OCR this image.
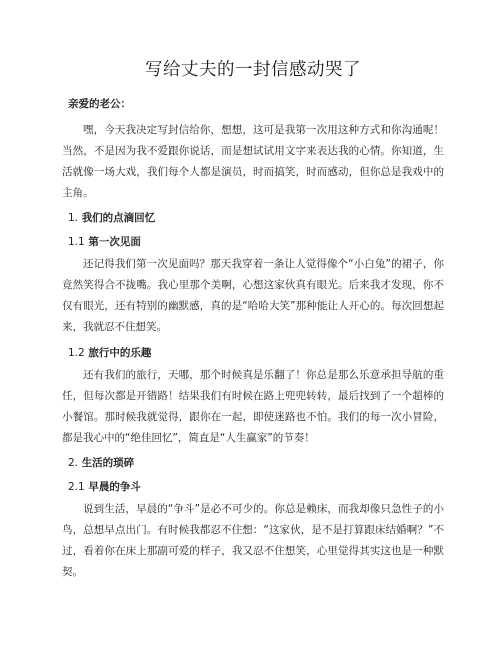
写给丈夫的一封信感动哭了
亲爱的老公：

嘿，今天我决定写封信给你，想想，这可是我第一次用这种方式和你沟通呢！当然，不是因为我不爱跟你说话，而是想试试用文字来表达我的心情。你知道，生活就像一场大戏，我们每个人都是演员，时而搞笑，时而感动，但你总是我戏中的主角。

1. 我们的点滴回忆
1.1 第一次见面

还记得我们第一次见面吗？那天我穿着一条让人觉得像个“小白兔”的裙子，你竟然笑得合不拢嘴。我心里那个美啊，心想这家伙真有眼光。后来我才发现，你不仅有眼光，还有特别的幽默感，真的是“哈哈大笑”那种能让人开心的。每次回想起来，我就忍不住想笑。

1.2 旅行中的乐趣

还有我们的旅行，天哪，那个时候真是乐翻了！你总是那么乐意承担导航的重任，但每次都是开错路！结果我们有时候在路上兜兜转转，最后找到了一个超棒的小餐馆。那时候我就觉得，跟你在一起，即使迷路也不怕。我们的每一次小冒险，都是我心中的“绝佳回忆”，简直是“人生赢家”的节奏！

2. 生活的琐碎
2.1 早晨的争斗

说到生活，早晨的“争斗”是必不可少的。你总是赖床，而我却像只急性子的小鸟，总想早点出门。有时候我都忍不住想：“这家伙，是不是打算跟床结婚啊？”不过，看着你在床上那副可爱的样子，我又忍不住想笑，心里觉得其实这也是一种默契。
